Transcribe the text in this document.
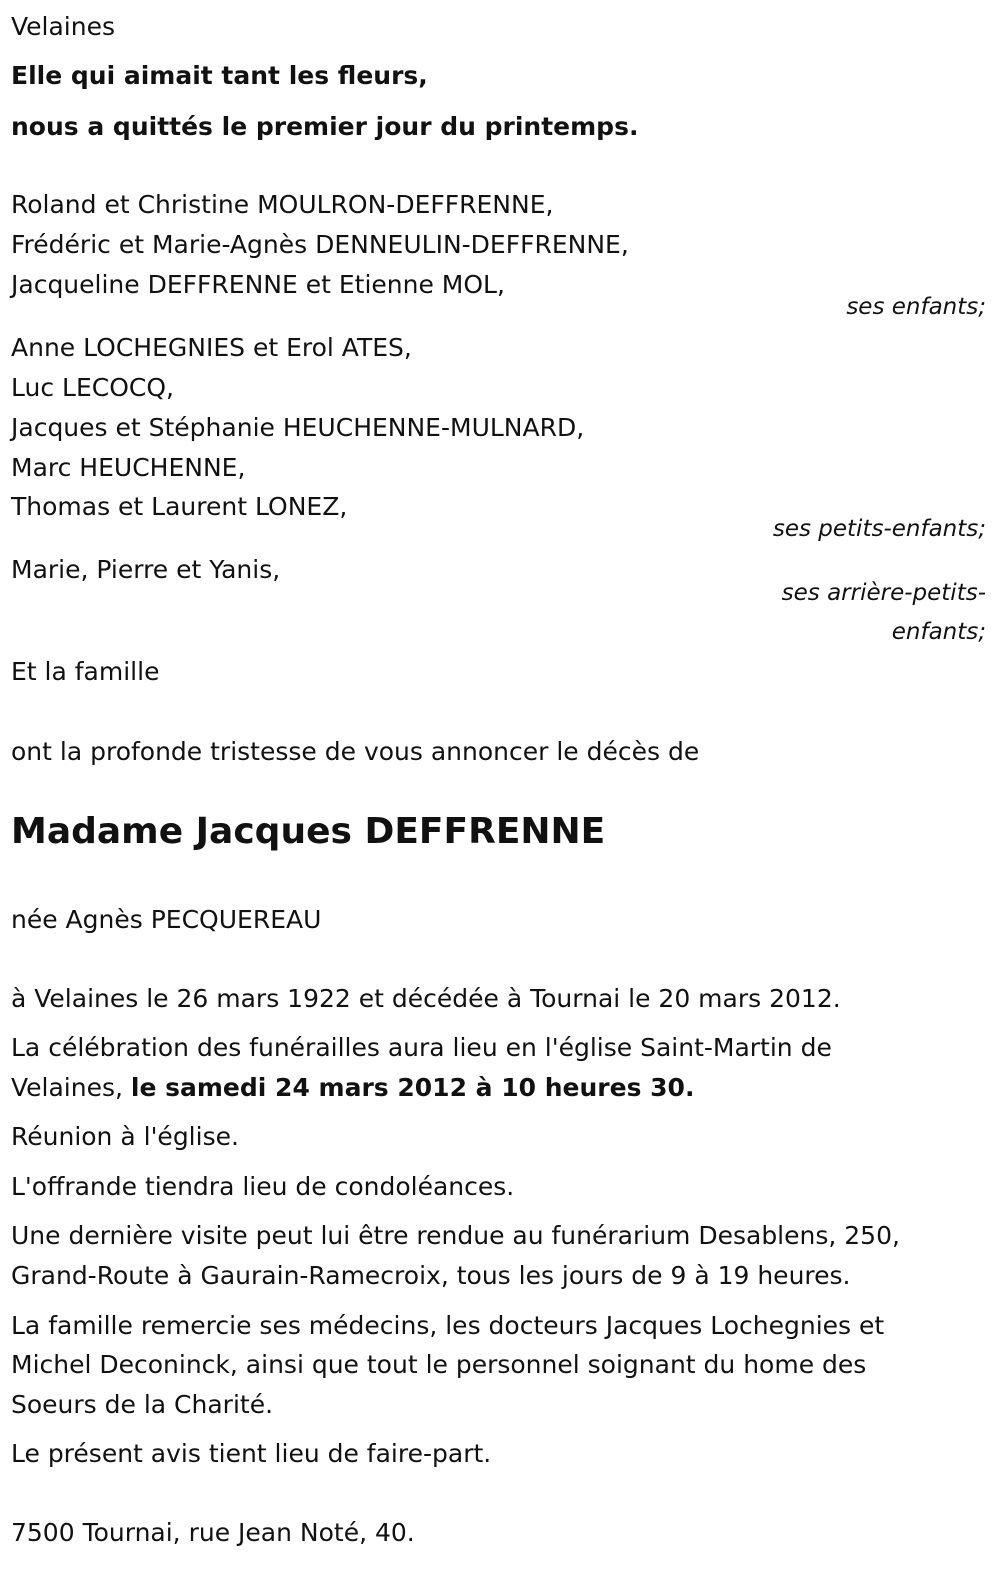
Velaines
Elle qui aimait tant les fleurs,
nous a quittés le premier jour du printemps.
Roland et Christine MOULRON-DEFFRENNE,
Frédéric et Marie-Agnès DENNEULIN-DEFFRENNE,
Jacqueline DEFFRENNE et Etienne MOL,
ses enfants;
Anne LOCHEGNIES et Erol ATES,
Luc LECOCQ,
Jacques et Stéphanie HEUCHENNE-MULNARD,
Marc HEUCHENNE,
Thomas et Laurent LONEZ,
ses petits-enfants;
Marie, Pierre et Yanis,
ses arrière-petits-
enfants;
Et la famille
ont la profonde tristesse de vous annoncer le décès de
Madame Jacques DEFFRENNE
née Agnès PECQUEREAU
à Velaines le 26 mars 1922 et décédée à Tournai le 20 mars 2012.
La célébration des funérailles aura lieu en l'église Saint-Martin de
Velaines, le samedi 24 mars 2012 à 10 heures 30.
Réunion à l'église.
L'offrande tiendra lieu de condoléances.
Une dernière visite peut lui être rendue au funérarium Desablens, 250,
Grand-Route à Gaurain-Ramecroix, tous les jours de 9 à 19 heures.
La famille remercie ses médecins, les docteurs Jacques Lochegnies et
Michel Deconinck, ainsi que tout le personnel soignant du home des
Soeurs de la Charité.
Le présent avis tient lieu de faire-part.
7500 Tournai, rue Jean Noté, 40.
